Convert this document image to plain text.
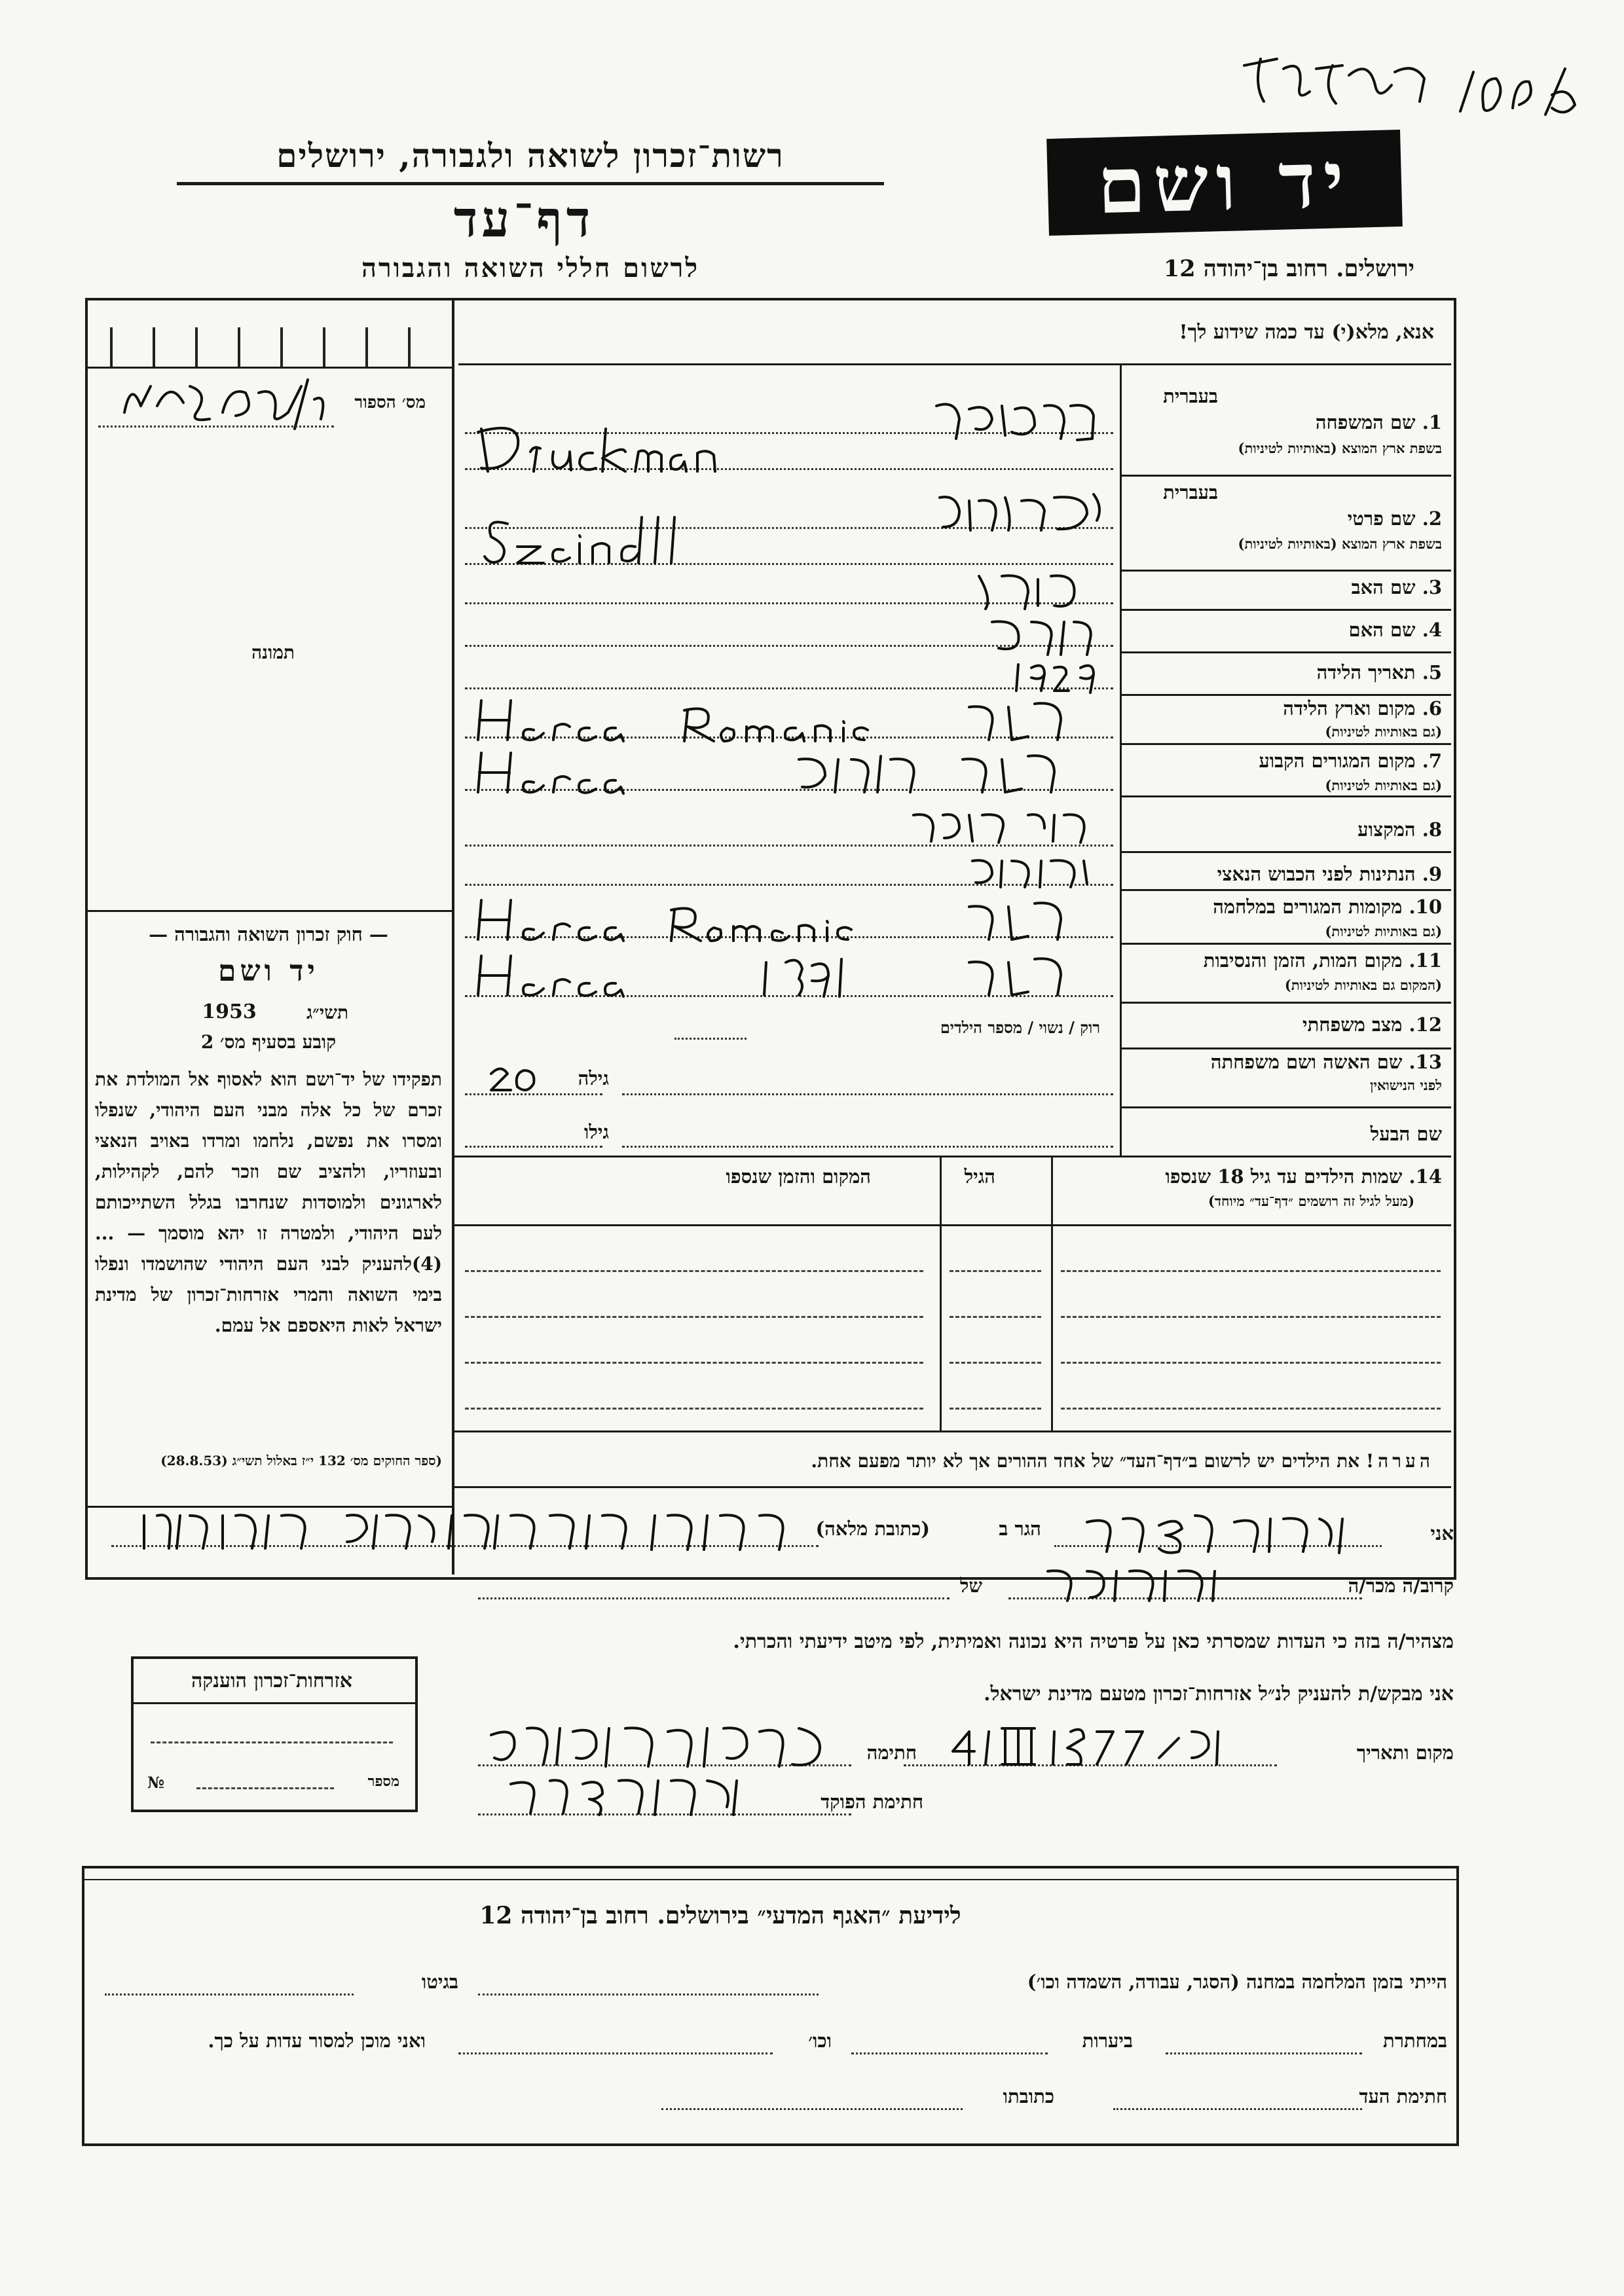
רשות־זכרון לשואה ולגבורה, ירושלים
דף־עד
לרשום חללי השואה והגבורה
יד ושם
ירושלים. רחוב בן־יהודה 12
אנא, מלא(י) עד כמה שידוע לך!
מס׳ הספור
תמונה
— חוק זכרון השואה והגבורה —
יד ושם
תשי״ג
1953
קובע בסעיף מס׳ 2
תפקידו של יד־ושם הוא לאסוף אל המולדת את זכרם של כל אלה מבני העם היהודי, שנפלו ומסרו את נפשם, נלחמו ומרדו באויב הנאצי ובעוזריו, ולהציב שם וזכר להם, לקהילות, לארגונים ולמוסדות שנחרבו בגלל השתייכותם לעם היהודי, ולמטרה זו יהא מוסמך — ...(4)להעניק לבני העם היהודי שהושמדו ונפלו בימי השואה והמרי אזרחות־זכרון של מדינת ישראל לאות היאספם אל עמם.
(ספר החוקים מס׳ 132 י״ז באלול תשי״ג (28.8.53)
אזרחות־זכרון הוענקה
מספר
№
בעברית
1. שם המשפחה
בשפת ארץ המוצא (באותיות לטיניות)
בעברית
2. שם פרטי
בשפת ארץ המוצא (באותיות לטיניות)
3. שם האב
4. שם האם
5. תאריך הלידה
6. מקום וארץ הלידה
(גם באותיות לטיניות)
7. מקום המגורים הקבוע
(גם באותיות לטיניות)
8. המקצוע
9. הנתינות לפני הכבוש הנאצי
10. מקומות המגורים במלחמה
(גם באותיות לטיניות)
11. מקום המות, הזמן והנסיבות
(המקום גם באותיות לטיניות)
12. מצב משפחתי
רוק / נשוי / מספר הילדים
13. שם האשה ושם משפחתה
לפני הנישואין
גילה
שם הבעל
גילו
14. שמות הילדים עד גיל 18 שנספו
(מעל לגיל זה רושמים ״דף־עד״ מיוחד)
הגיל
המקום והזמן שנספו
הערה! את הילדים יש לרשום ב״דף־העד״ של אחד ההורים אך לא יותר מפעם אחת.
אני
הגר ב
(כתובת מלאה)
קרוב/ה מכר/ה
של
מצהיר/ה בזה כי העדות שמסרתי כאן על פרטיה היא נכונה ואמיתית, לפי מיטב ידיעתי והכרתי.
אני מבקש/ת להעניק לנ״ל אזרחות־זכרון מטעם מדינת ישראל.
מקום ותאריך
חתימה
חתימת הפוקד
לידיעת ״האגף המדעי״ בירושלים. רחוב בן־יהודה 12
הייתי בזמן המלחמה במחנה (הסגר, עבודה, השמדה וכו׳)
בגיטו
במחתרת
ביערות
וכו׳
ואני מוכן למסור עדות על כך.
חתימת העד
כתובתו
